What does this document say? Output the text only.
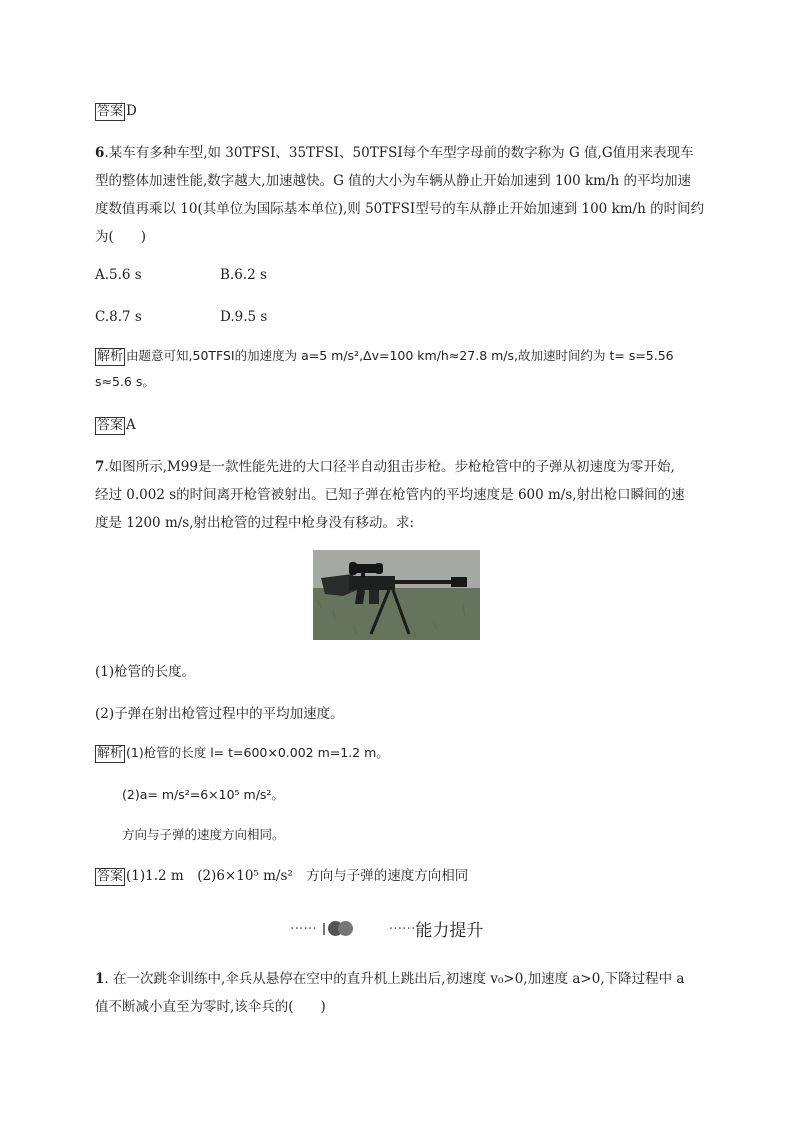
答案 D
6.某车有多种车型,如 30TFSI、35TFSI、50TFSI每个车型字母前的数字称为 G 值,G值用来表现车
型的整体加速性能,数字越大,加速越快。G 值的大小为车辆从静止开始加速到 100 km/h 的平均加速
度数值再乘以 10(其单位为国际基本单位),则 50TFSI型号的车从静止开始加速到 100 km/h 的时间约
为(　　)
A.5.6 s	B.6.2 s
C.8.7 s	D.9.5 s
解析 由题意可知,50TFSI的加速度为 a=5 m/s²,Δv=100 km/h≈27.8 m/s,故加速时间约为 t= s=5.56
s≈5.6 s。
答案 A
7.如图所示,M99是一款性能先进的大口径半自动狙击步枪。步枪枪管中的子弹从初速度为零开始,
经过 0.002 s的时间离开枪管被射出。已知子弹在枪管内的平均速度是 600 m/s,射出枪口瞬间的速
度是 1200 m/s,射出枪管的过程中枪身没有移动。求:
(1)枪管的长度。
(2)子弹在射出枪管过程中的平均加速度。
解析 (1)枪管的长度 l= t=600×0.002 m=1.2 m。
(2)a= m/s²=6×10⁵ m/s²。
方向与子弹的速度方向相同。
答案 (1)1.2 m　(2)6×10⁵ m/s²　方向与子弹的速度方向相同
······	······ 能力提升
1. 在一次跳伞训练中,伞兵从悬停在空中的直升机上跳出后,初速度 v₀>0,加速度 a>0,下降过程中 a
值不断减小直至为零时,该伞兵的(　　)
